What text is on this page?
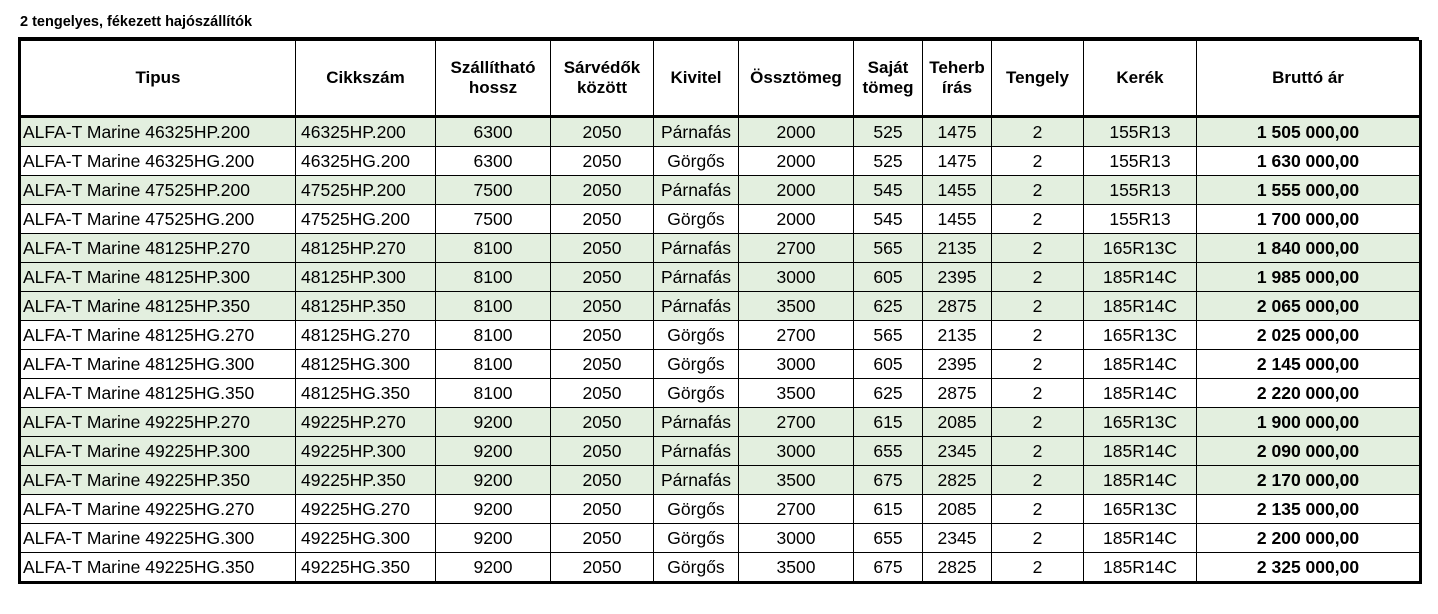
2 tengelyes, fékezett hajószállítók
Tipus	Cikkszám	Szállítható hossz	Sárvédők között	Kivitel	Össztömeg	Saját tömeg	Teherb írás	Tengely	Kerék	Bruttó ár
ALFA-T Marine 46325HP.200	46325HP.200	6300	2050	Párnafás	2000	525	1475	2	155R13	1 505 000,00
ALFA-T Marine 46325HG.200	46325HG.200	6300	2050	Görgős	2000	525	1475	2	155R13	1 630 000,00
ALFA-T Marine 47525HP.200	47525HP.200	7500	2050	Párnafás	2000	545	1455	2	155R13	1 555 000,00
ALFA-T Marine 47525HG.200	47525HG.200	7500	2050	Görgős	2000	545	1455	2	155R13	1 700 000,00
ALFA-T Marine 48125HP.270	48125HP.270	8100	2050	Párnafás	2700	565	2135	2	165R13C	1 840 000,00
ALFA-T Marine 48125HP.300	48125HP.300	8100	2050	Párnafás	3000	605	2395	2	185R14C	1 985 000,00
ALFA-T Marine 48125HP.350	48125HP.350	8100	2050	Párnafás	3500	625	2875	2	185R14C	2 065 000,00
ALFA-T Marine 48125HG.270	48125HG.270	8100	2050	Görgős	2700	565	2135	2	165R13C	2 025 000,00
ALFA-T Marine 48125HG.300	48125HG.300	8100	2050	Görgős	3000	605	2395	2	185R14C	2 145 000,00
ALFA-T Marine 48125HG.350	48125HG.350	8100	2050	Görgős	3500	625	2875	2	185R14C	2 220 000,00
ALFA-T Marine 49225HP.270	49225HP.270	9200	2050	Párnafás	2700	615	2085	2	165R13C	1 900 000,00
ALFA-T Marine 49225HP.300	49225HP.300	9200	2050	Párnafás	3000	655	2345	2	185R14C	2 090 000,00
ALFA-T Marine 49225HP.350	49225HP.350	9200	2050	Párnafás	3500	675	2825	2	185R14C	2 170 000,00
ALFA-T Marine 49225HG.270	49225HG.270	9200	2050	Görgős	2700	615	2085	2	165R13C	2 135 000,00
ALFA-T Marine 49225HG.300	49225HG.300	9200	2050	Görgős	3000	655	2345	2	185R14C	2 200 000,00
ALFA-T Marine 49225HG.350	49225HG.350	9200	2050	Görgős	3500	675	2825	2	185R14C	2 325 000,00
